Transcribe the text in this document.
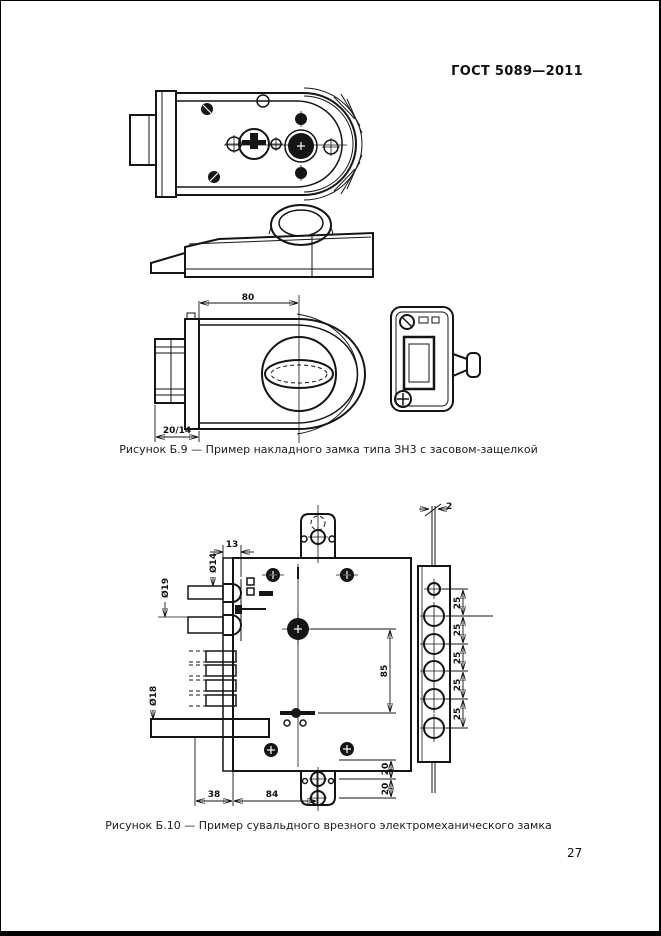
ГОСТ 5089—2011
80
20/14
Рисунок Б.9 — Пример накладного замка типа ЗН3 с засовом-защелкой
2
13
Ø14
Ø19
Ø18
85
20
20
25
25
25
25
25
38	84
Рисунок Б.10 — Пример сувальдного врезного электромеханического замка
27
